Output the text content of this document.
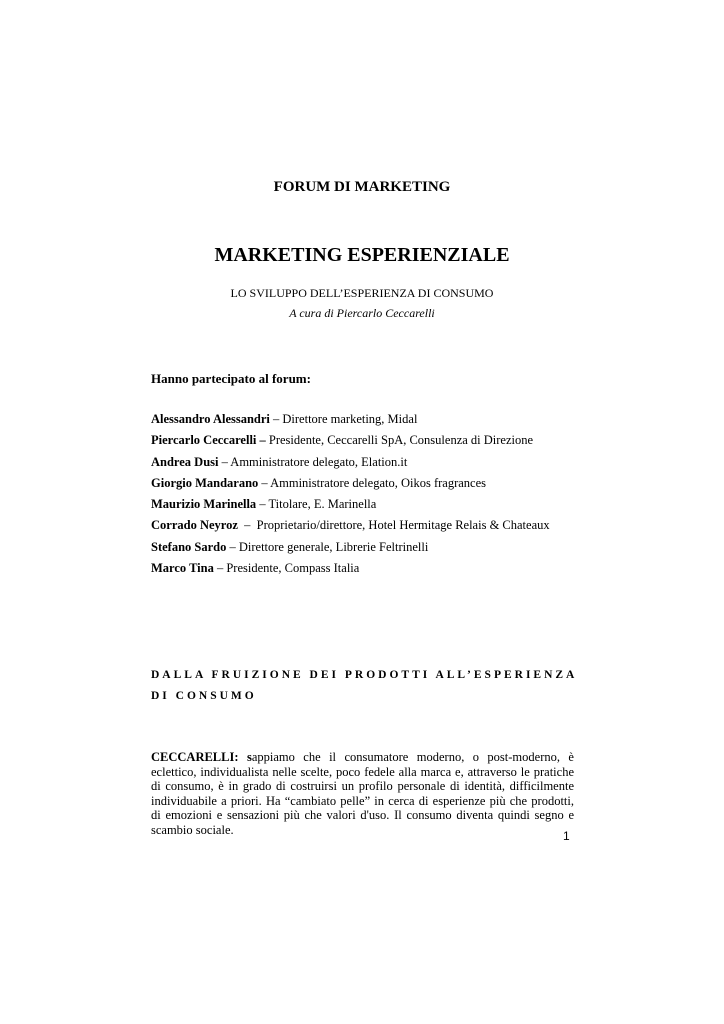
FORUM DI MARKETING
MARKETING ESPERIENZIALE
LO SVILUPPO DELL’ESPERIENZA DI CONSUMO
A cura di Piercarlo Ceccarelli
Hanno partecipato al forum:
Alessandro Alessandri – Direttore marketing, Midal
Piercarlo Ceccarelli – Presidente, Ceccarelli SpA, Consulenza di Direzione
Andrea Dusi – Amministratore delegato, Elation.it
Giorgio Mandarano – Amministratore delegato, Oikos fragrances
Maurizio Marinella – Titolare, E. Marinella
Corrado Neyroz  –  Proprietario/direttore, Hotel Hermitage Relais & Chateaux
Stefano Sardo – Direttore generale, Librerie Feltrinelli
Marco Tina – Presidente, Compass Italia
DALLA FRUIZIONE DEI PRODOTTI ALL’ESPERIENZA DI CONSUMO

CECCARELLI: sappiamo che il consumatore moderno, o post-moderno, è eclettico, individualista nelle scelte, poco fedele alla marca e, attraverso le pratiche di consumo, è in grado di costruirsi un profilo personale di identità, difficilmente individuabile a priori. Ha “cambiato pelle” in cerca di esperienze più che prodotti, di emozioni e sensazioni più che valori d'uso. Il consumo diventa quindi segno e scambio sociale.	1
